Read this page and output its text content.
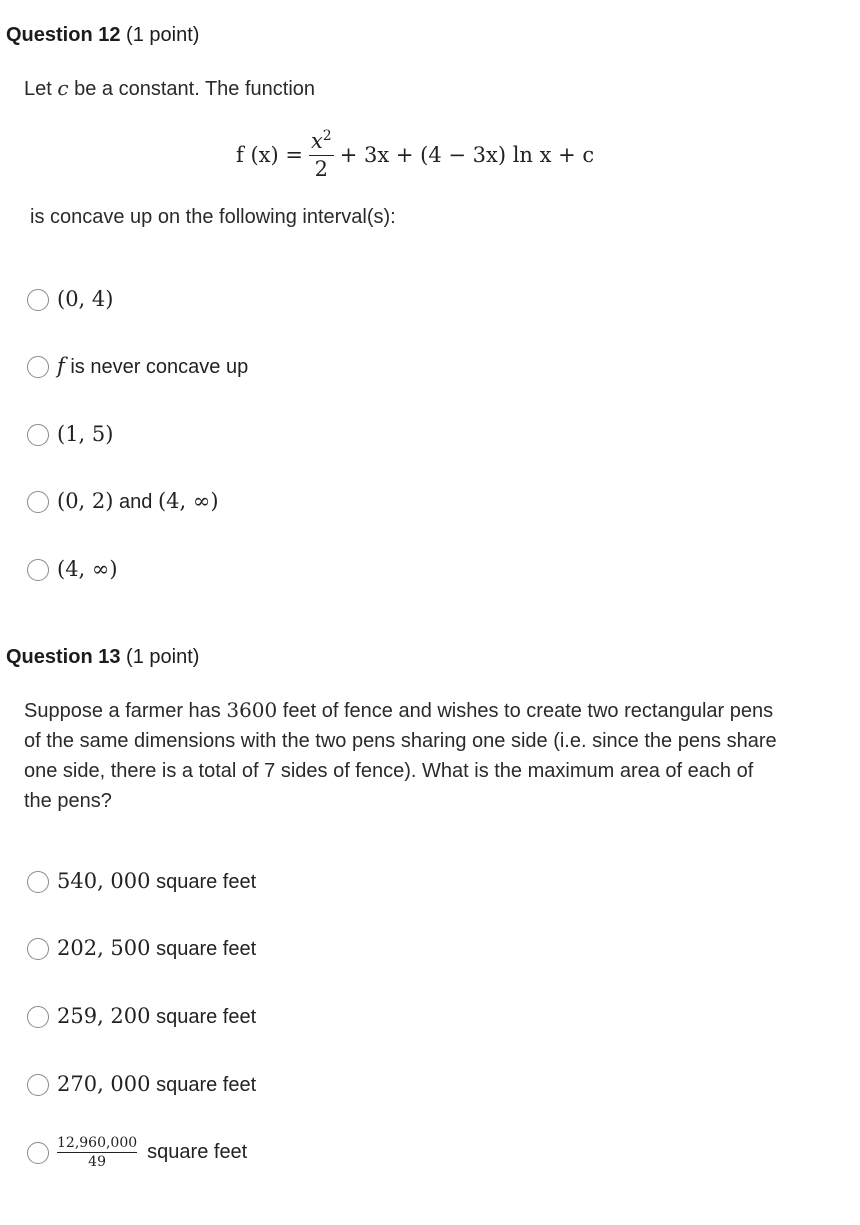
Question 12 (1 point)
Let c be a constant. The function
f $(x) = \frac{x^2}{2} + 3x + (4 - 3x)$ ln x + c
is concave up on the following interval(s):
(0, 4)
f is never concave up
(1, 5)
(0, 2) and (4, ∞)
(4, ∞)
Question 13 (1 point)
Suppose a farmer has 3600 feet of fence and wishes to create two rectangular pens
of the same dimensions with the two pens sharing one side (i.e. since the pens share
one side, there is a total of 7 sides of fence). What is the maximum area of each of
the pens?
540, 000 square feet
202, 500 square feet
259, 200 square feet
270, 000 square feet
$\frac{12,960,000}{49}$ square feet
